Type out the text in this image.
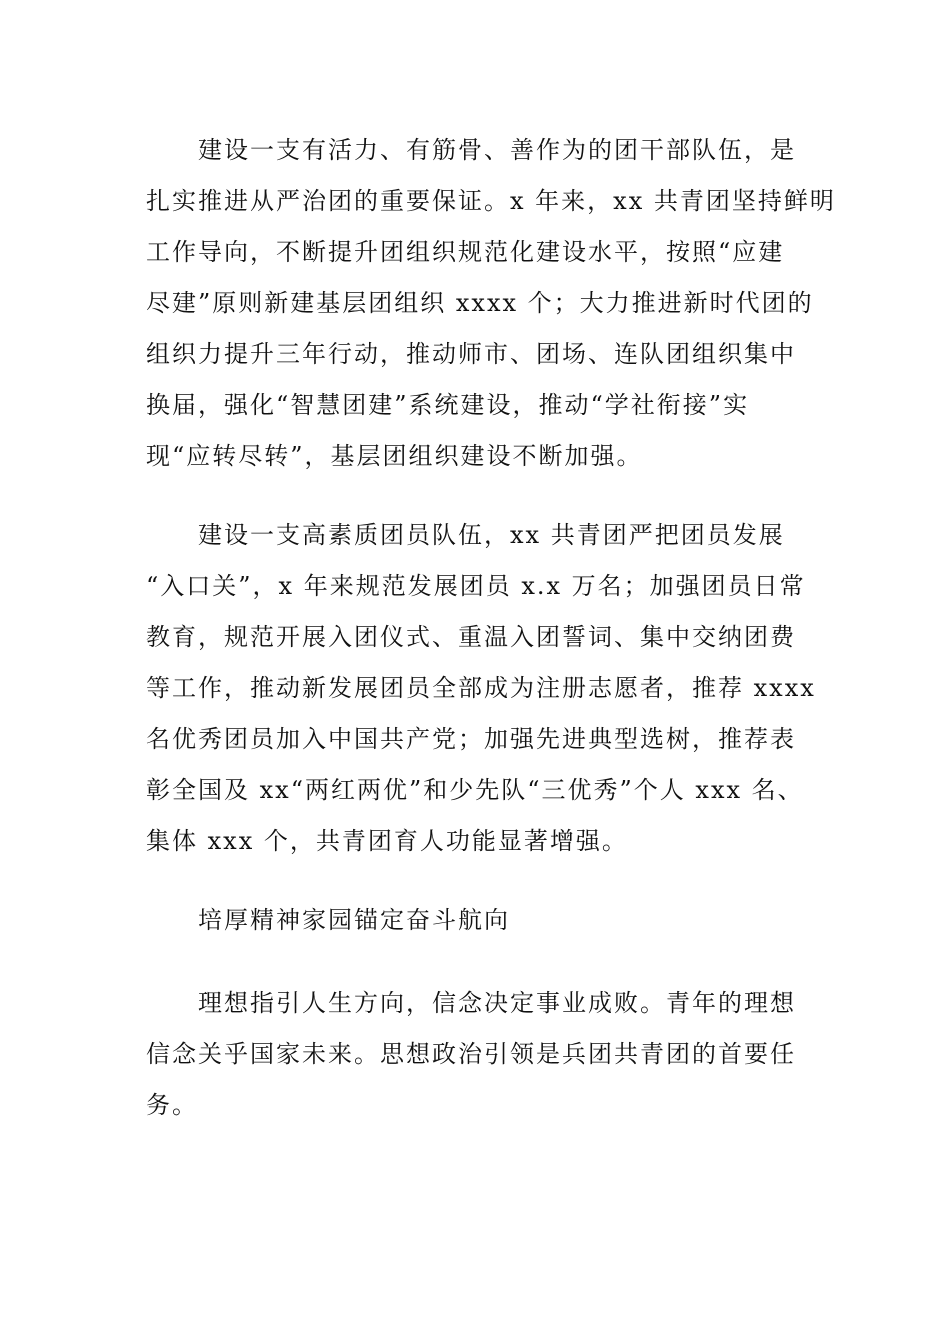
建设一支有活力、有筋骨、善作为的团干部队伍，是
扎实推进从严治团的重要保证。x 年来，xx 共青团坚持鲜明
工作导向，不断提升团组织规范化建设水平，按照“应建
尽建”原则新建基层团组织 xxxx 个；大力推进新时代团的
组织力提升三年行动，推动师市、团场、连队团组织集中
换届，强化“智慧团建”系统建设，推动“学社衔接”实
现“应转尽转”，基层团组织建设不断加强。
建设一支高素质团员队伍，xx 共青团严把团员发展
“入口关”，x 年来规范发展团员 x.x 万名；加强团员日常
教育，规范开展入团仪式、重温入团誓词、集中交纳团费
等工作，推动新发展团员全部成为注册志愿者，推荐 xxxx
名优秀团员加入中国共产党；加强先进典型选树，推荐表
彰全国及 xx“两红两优”和少先队“三优秀”个人 xxx 名、
集体 xxx 个，共青团育人功能显著增强。
培厚精神家园锚定奋斗航向
理想指引人生方向，信念决定事业成败。青年的理想
信念关乎国家未来。思想政治引领是兵团共青团的首要任
务。
